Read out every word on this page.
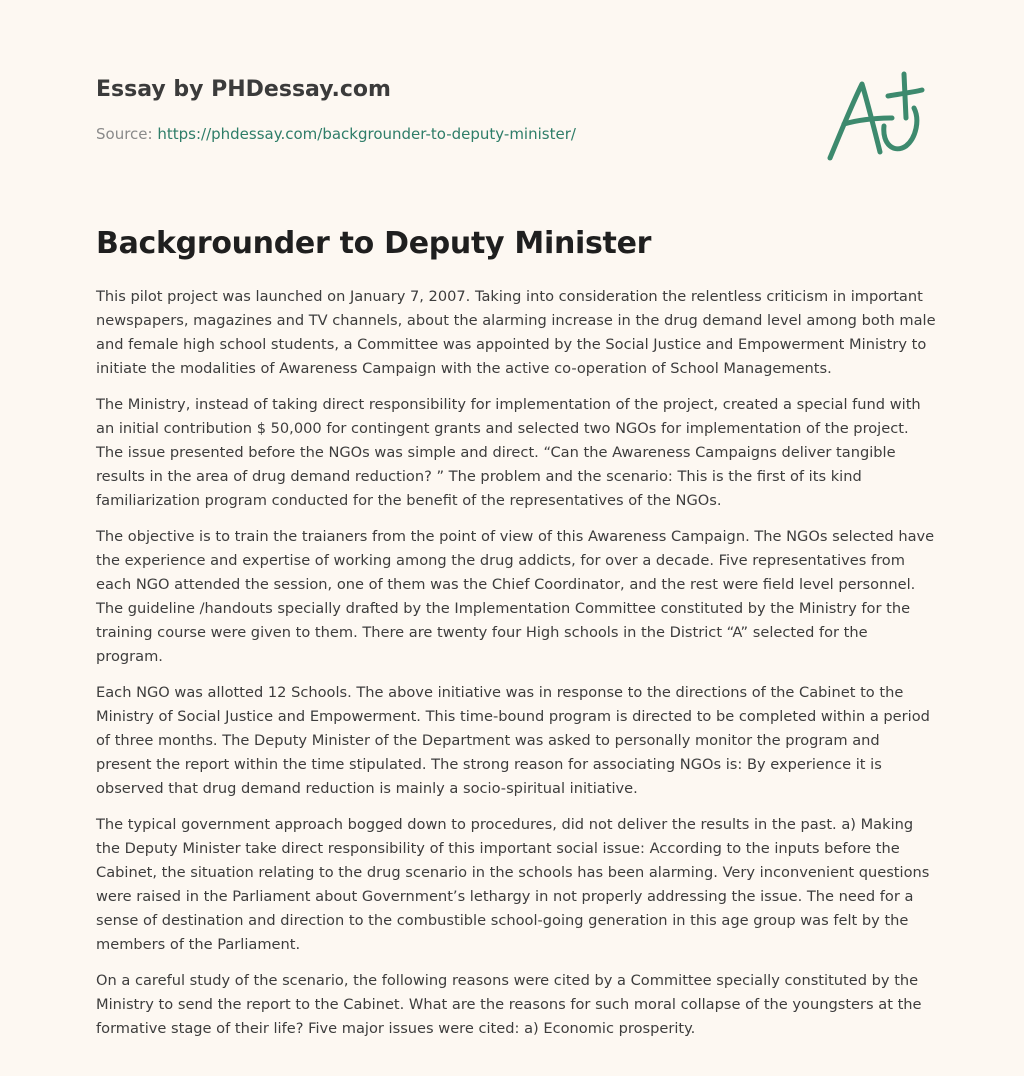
Essay by PHDessay.com
Source: https://phdessay.com/backgrounder-to-deputy-minister/
Backgrounder to Deputy Minister

This pilot project was launched on January 7, 2007. Taking into consideration the relentless criticism in important newspapers, magazines and TV channels, about the alarming increase in the drug demand level among both male and female high school students, a Committee was appointed by the Social Justice and Empowerment Ministry to initiate the modalities of Awareness Campaign with the active co-operation of School Managements.

The Ministry, instead of taking direct responsibility for implementation of the project, created a special fund with an initial contribution $ 50,000 for contingent grants and selected two NGOs for implementation of the project. The issue presented before the NGOs was simple and direct. “Can the Awareness Campaigns deliver tangible results in the area of drug demand reduction? ” The problem and the scenario: This is the first of its kind familiarization program conducted for the benefit of the representatives of the NGOs.

The objective is to train the traianers from the point of view of this Awareness Campaign. The NGOs selected have the experience and expertise of working among the drug addicts, for over a decade. Five representatives from each NGO attended the session, one of them was the Chief Coordinator, and the rest were field level personnel. The guideline /handouts specially drafted by the Implementation Committee constituted by the Ministry for the training course were given to them. There are twenty four High schools in the District “A” selected for the program.

Each NGO was allotted 12 Schools. The above initiative was in response to the directions of the Cabinet to the Ministry of Social Justice and Empowerment. This time-bound program is directed to be completed within a period of three months. The Deputy Minister of the Department was asked to personally monitor the program and present the report within the time stipulated. The strong reason for associating NGOs is: By experience it is observed that drug demand reduction is mainly a socio-spiritual initiative.

The typical government approach bogged down to procedures, did not deliver the results in the past. a) Making the Deputy Minister take direct responsibility of this important social issue: According to the inputs before the Cabinet, the situation relating to the drug scenario in the schools has been alarming. Very inconvenient questions were raised in the Parliament about Government’s lethargy in not properly addressing the issue. The need for a sense of destination and direction to the combustible school-going generation in this age group was felt by the members of the Parliament.

On a careful study of the scenario, the following reasons were cited by a Committee specially constituted by the Ministry to send the report to the Cabinet. What are the reasons for such moral collapse of the youngsters at the formative stage of their life? Five major issues were cited: a) Economic prosperity.
